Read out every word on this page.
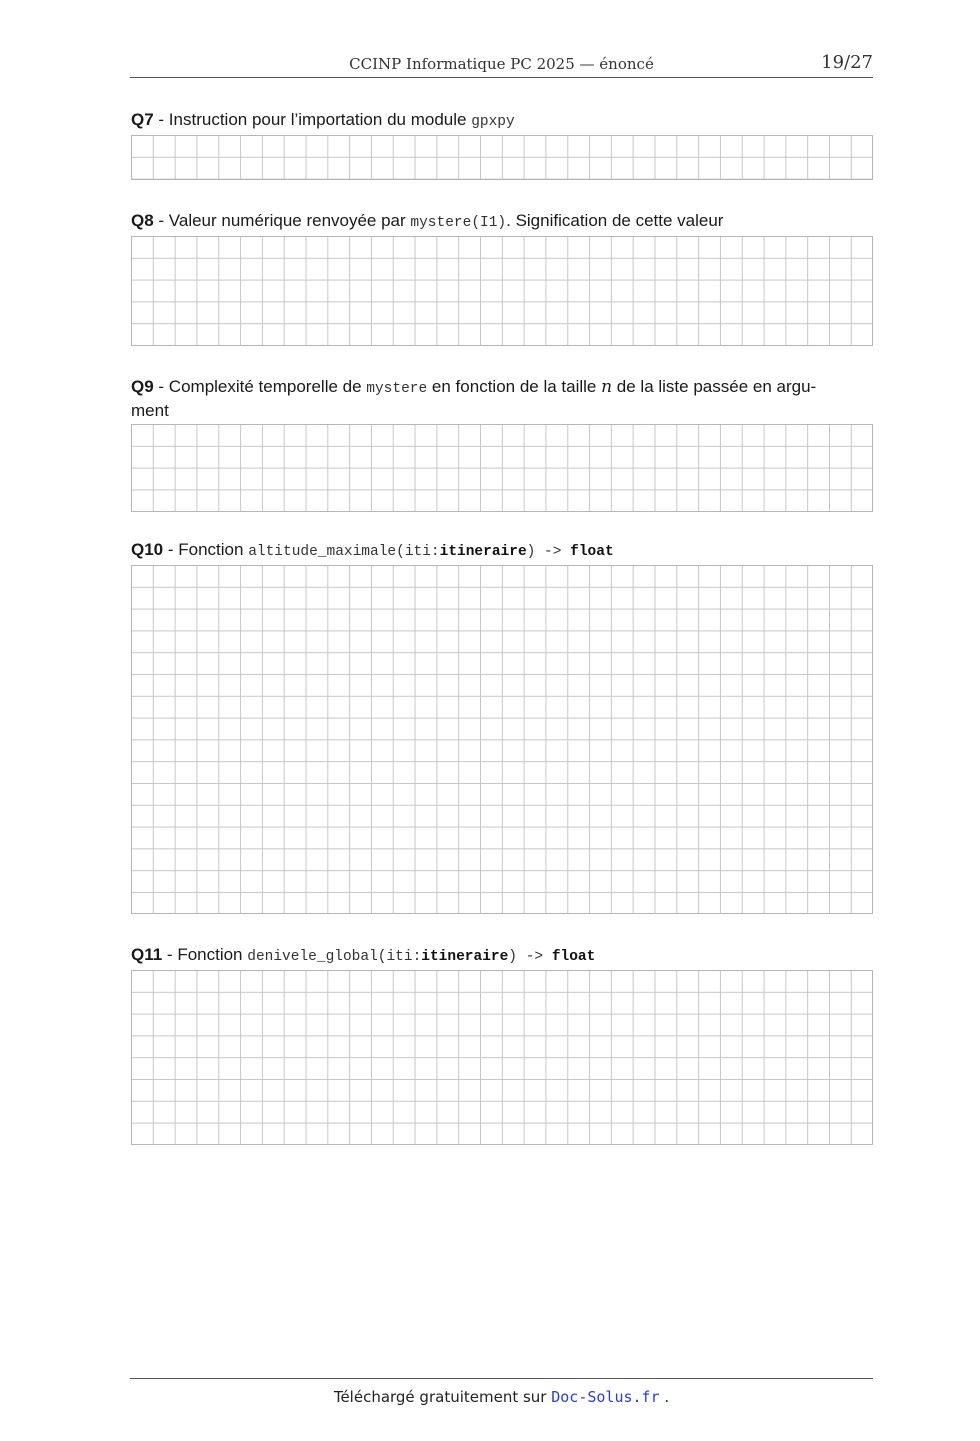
CCINP Informatique PC 2025 — énoncé	19/27

Q7 - Instruction pour l’importation du module gpxpy

Q8 - Valeur numérique renvoyée par mystere(I1). Signification de cette valeur

Q9 - Complexité temporelle de mystere en fonction de la taille n de la liste passée en argu-
ment

Q10 - Fonction altitude_maximale(iti:itineraire) -> float

Q11 - Fonction denivele_global(iti:itineraire) -> float

Téléchargé gratuitement sur Doc-Solus.fr .
